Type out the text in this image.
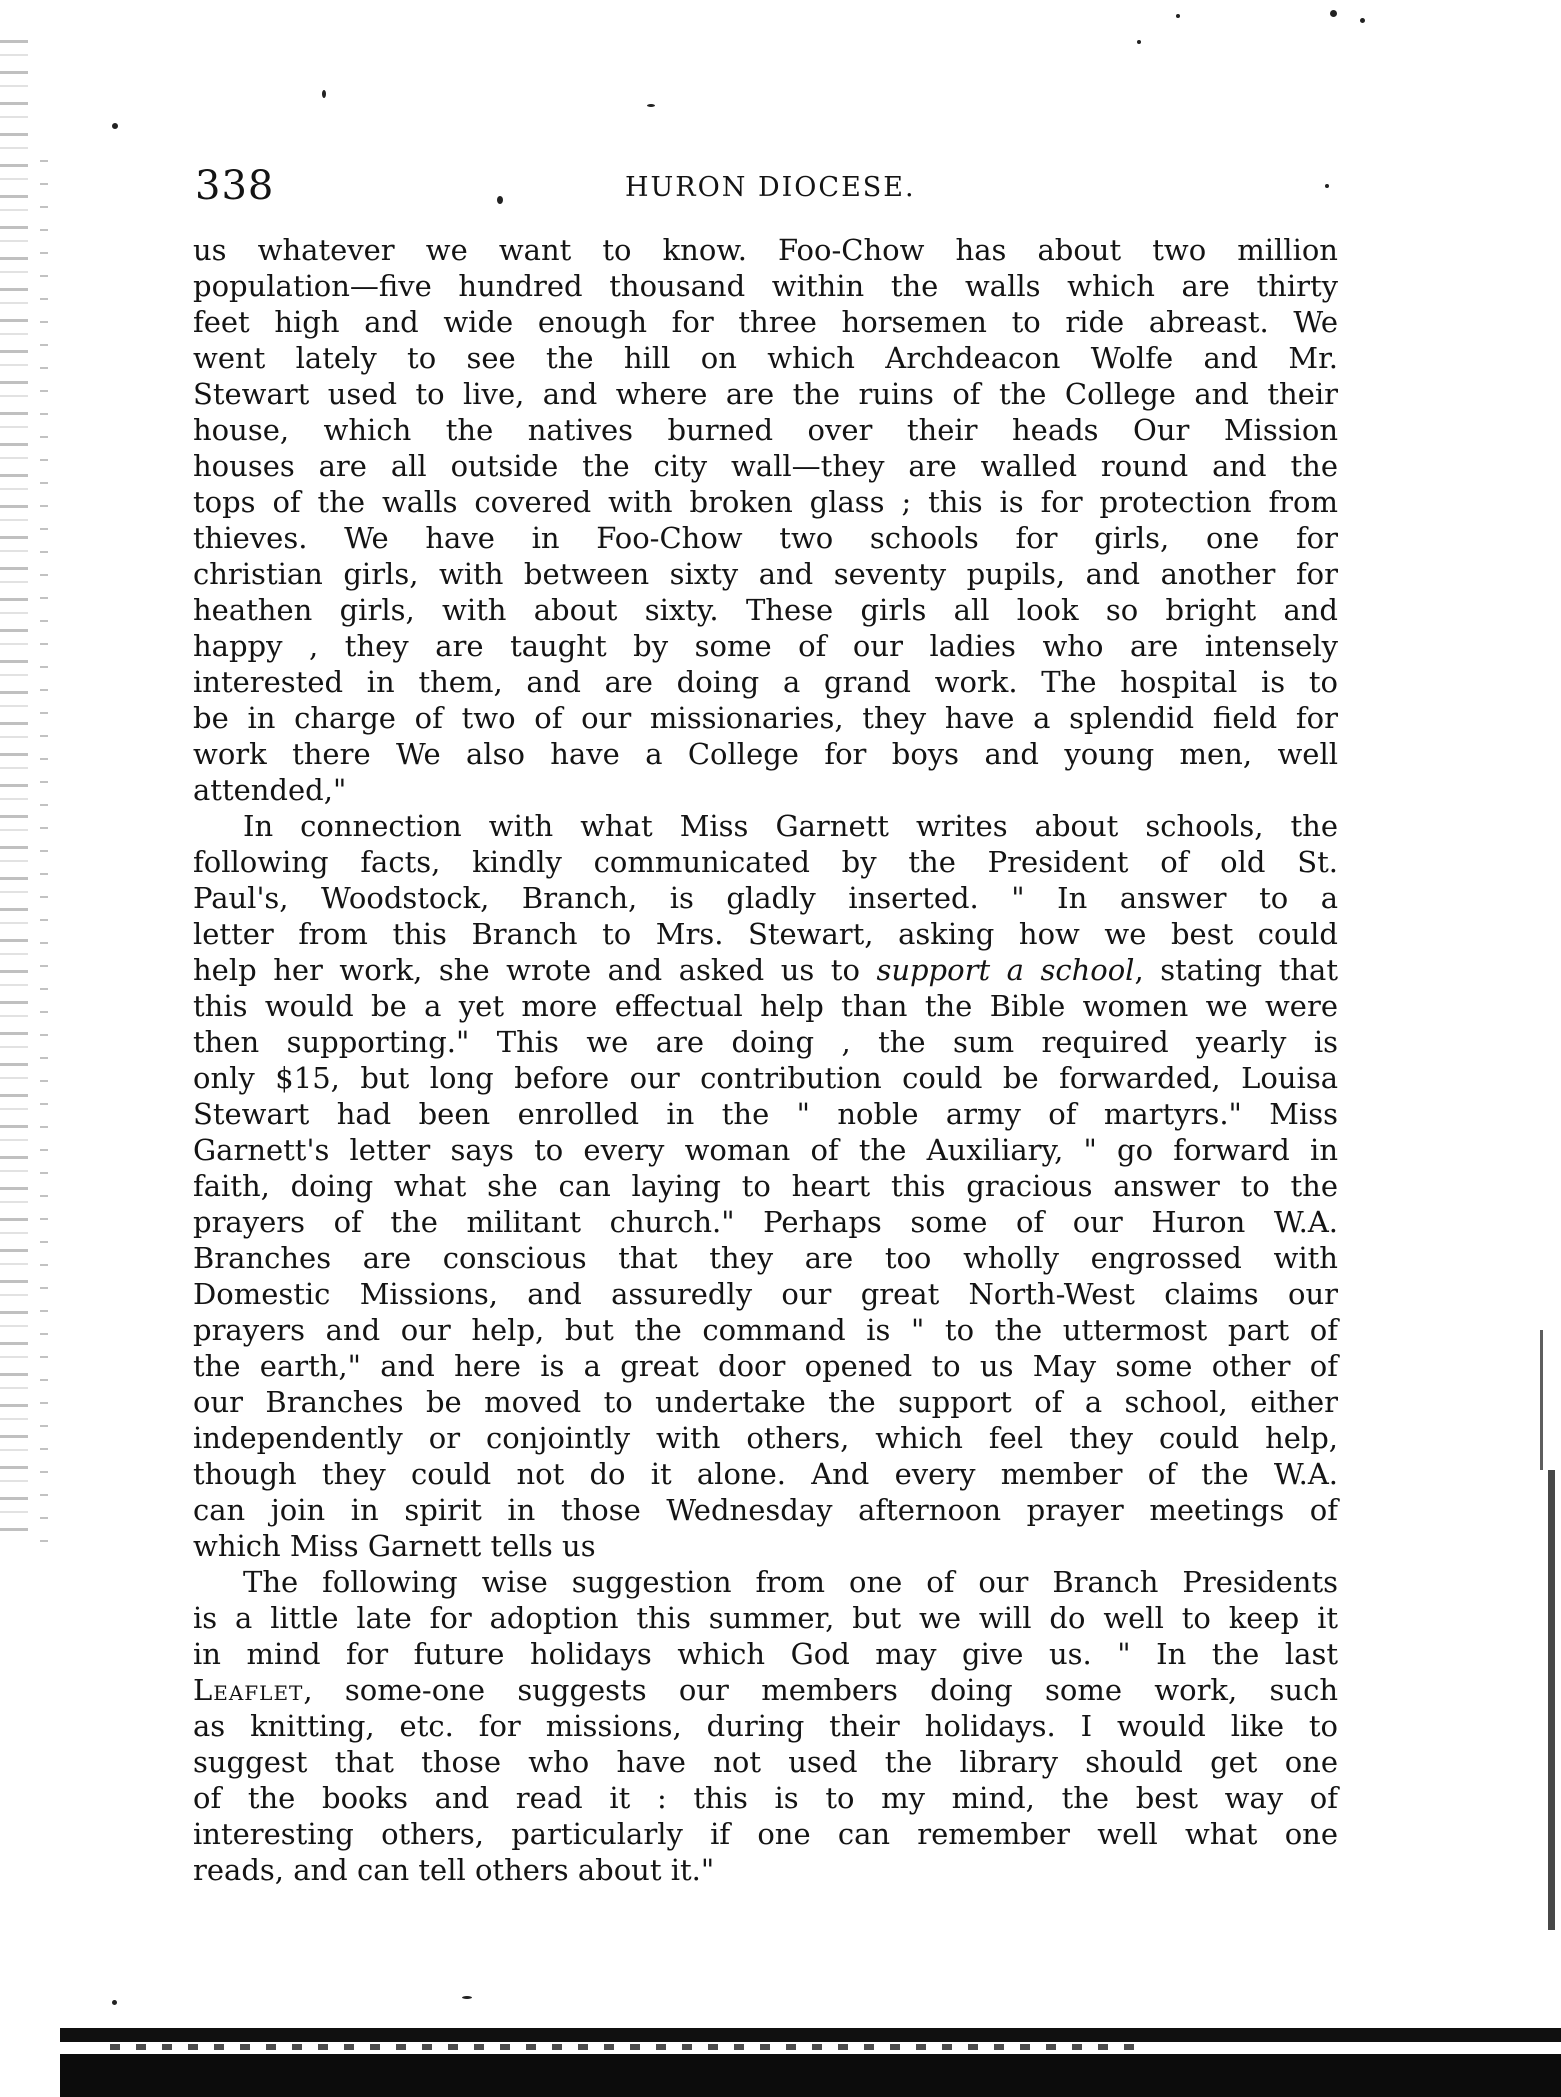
338	HURON DIOCESE.
us whatever we want to know. Foo-Chow has about two million
population—five hundred thousand within the walls which are thirty
feet high and wide enough for three horsemen to ride abreast. We
went lately to see the hill on which Archdeacon Wolfe and Mr.
Stewart used to live, and where are the ruins of the College and their
house, which the natives burned over their heads Our Mission
houses are all outside the city wall—they are walled round and the
tops of the walls covered with broken glass ; this is for protection from
thieves. We have in Foo-Chow two schools for girls, one for
christian girls, with between sixty and seventy pupils, and another for
heathen girls, with about sixty. These girls all look so bright and
happy , they are taught by some of our ladies who are intensely
interested in them, and are doing a grand work. The hospital is to
be in charge of two of our missionaries, they have a splendid field for
work there We also have a College for boys and young men, well
attended,"
In connection with what Miss Garnett writes about schools, the
following facts, kindly communicated by the President of old St.
Paul's, Woodstock, Branch, is gladly inserted. " In answer to a
letter from this Branch to Mrs. Stewart, asking how we best could
help her work, she wrote and asked us to support a school, stating that
this would be a yet more effectual help than the Bible women we were
then supporting." This we are doing , the sum required yearly is
only $15, but long before our contribution could be forwarded, Louisa
Stewart had been enrolled in the " noble army of martyrs." Miss
Garnett's letter says to every woman of the Auxiliary, " go forward in
faith, doing what she can laying to heart this gracious answer to the
prayers of the militant church." Perhaps some of our Huron W.A.
Branches are conscious that they are too wholly engrossed with
Domestic Missions, and assuredly our great North-West claims our
prayers and our help, but the command is " to the uttermost part of
the earth," and here is a great door opened to us May some other of
our Branches be moved to undertake the support of a school, either
independently or conjointly with others, which feel they could help,
though they could not do it alone. And every member of the W.A.
can join in spirit in those Wednesday afternoon prayer meetings of
which Miss Garnett tells us
The following wise suggestion from one of our Branch Presidents
is a little late for adoption this summer, but we will do well to keep it
in mind for future holidays which God may give us. " In the last
Leaflet, some-one suggests our members doing some work, such
as knitting, etc. for missions, during their holidays. I would like to
suggest that those who have not used the library should get one
of the books and read it : this is to my mind, the best way of
interesting others, particularly if one can remember well what one
reads, and can tell others about it."
